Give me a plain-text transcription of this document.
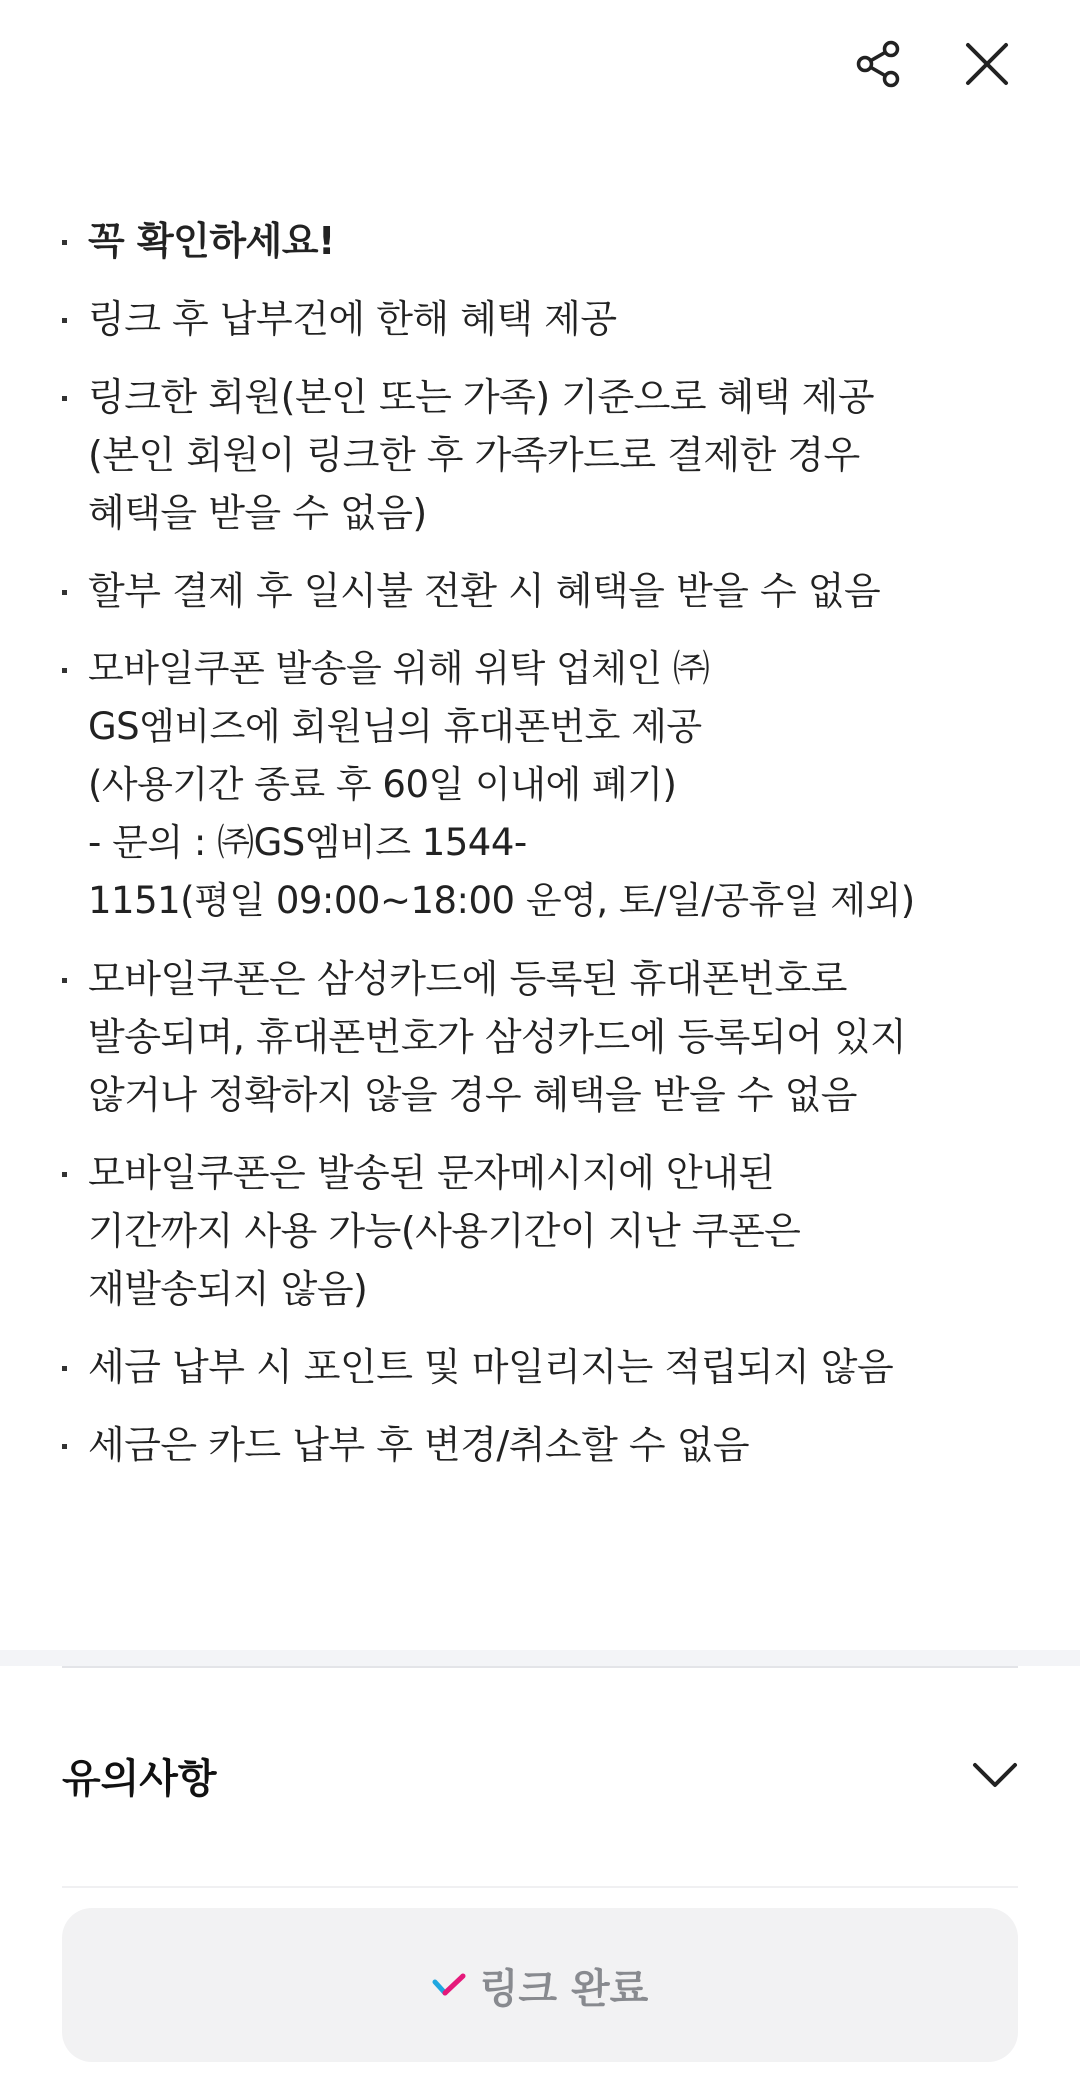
꼭 확인하세요!
링크 후 납부건에 한해 혜택 제공
링크한 회원(본인 또는 가족) 기준으로 혜택 제공
(본인 회원이 링크한 후 가족카드로 결제한 경우
혜택을 받을 수 없음)
할부 결제 후 일시불 전환 시 혜택을 받을 수 없음
모바일쿠폰 발송을 위해 위탁 업체인 ㈜
GS엠비즈에 회원님의 휴대폰번호 제공
(사용기간 종료 후 60일 이내에 폐기)
- 문의 : ㈜GS엠비즈 1544-
1151(평일 09:00~18:00 운영, 토/일/공휴일 제외)
모바일쿠폰은 삼성카드에 등록된 휴대폰번호로
발송되며, 휴대폰번호가 삼성카드에 등록되어 있지
않거나 정확하지 않을 경우 혜택을 받을 수 없음
모바일쿠폰은 발송된 문자메시지에 안내된
기간까지 사용 가능(사용기간이 지난 쿠폰은
재발송되지 않음)
세금 납부 시 포인트 및 마일리지는 적립되지 않음
세금은 카드 납부 후 변경/취소할 수 없음
유의사항
링크 완료
